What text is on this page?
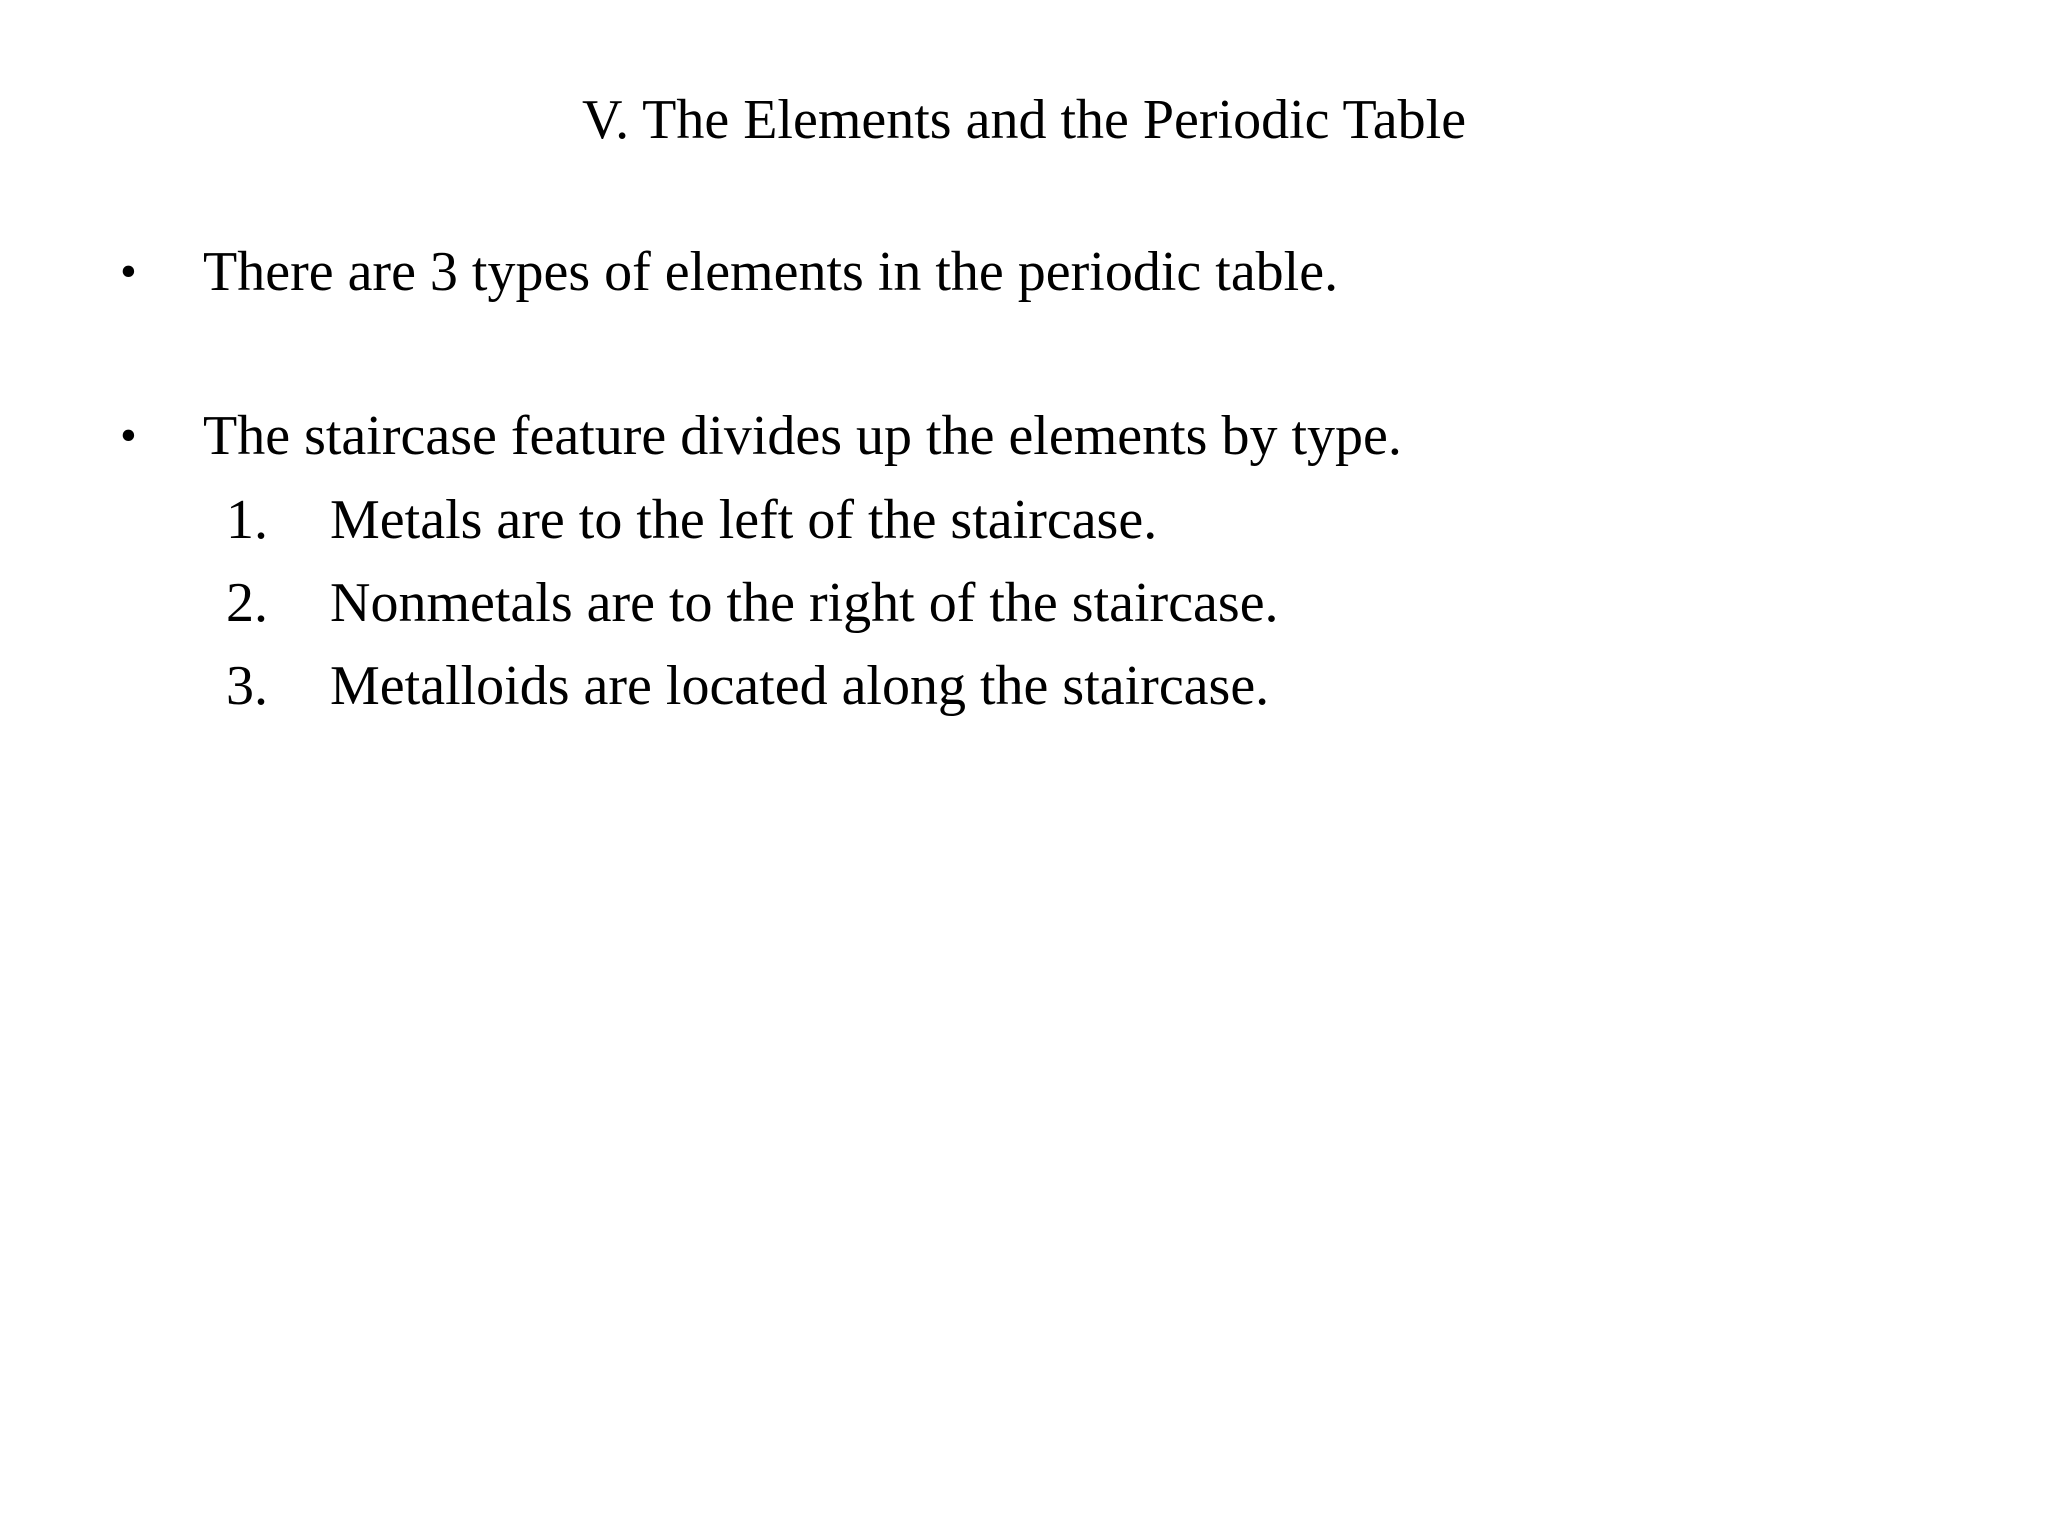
V. The Elements and the Periodic Table
• There are 3 types of elements in the periodic table.
• The staircase feature divides up the elements by type.
1. Metals are to the left of the staircase.
2. Nonmetals are to the right of the staircase.
3. Metalloids are located along the staircase.
